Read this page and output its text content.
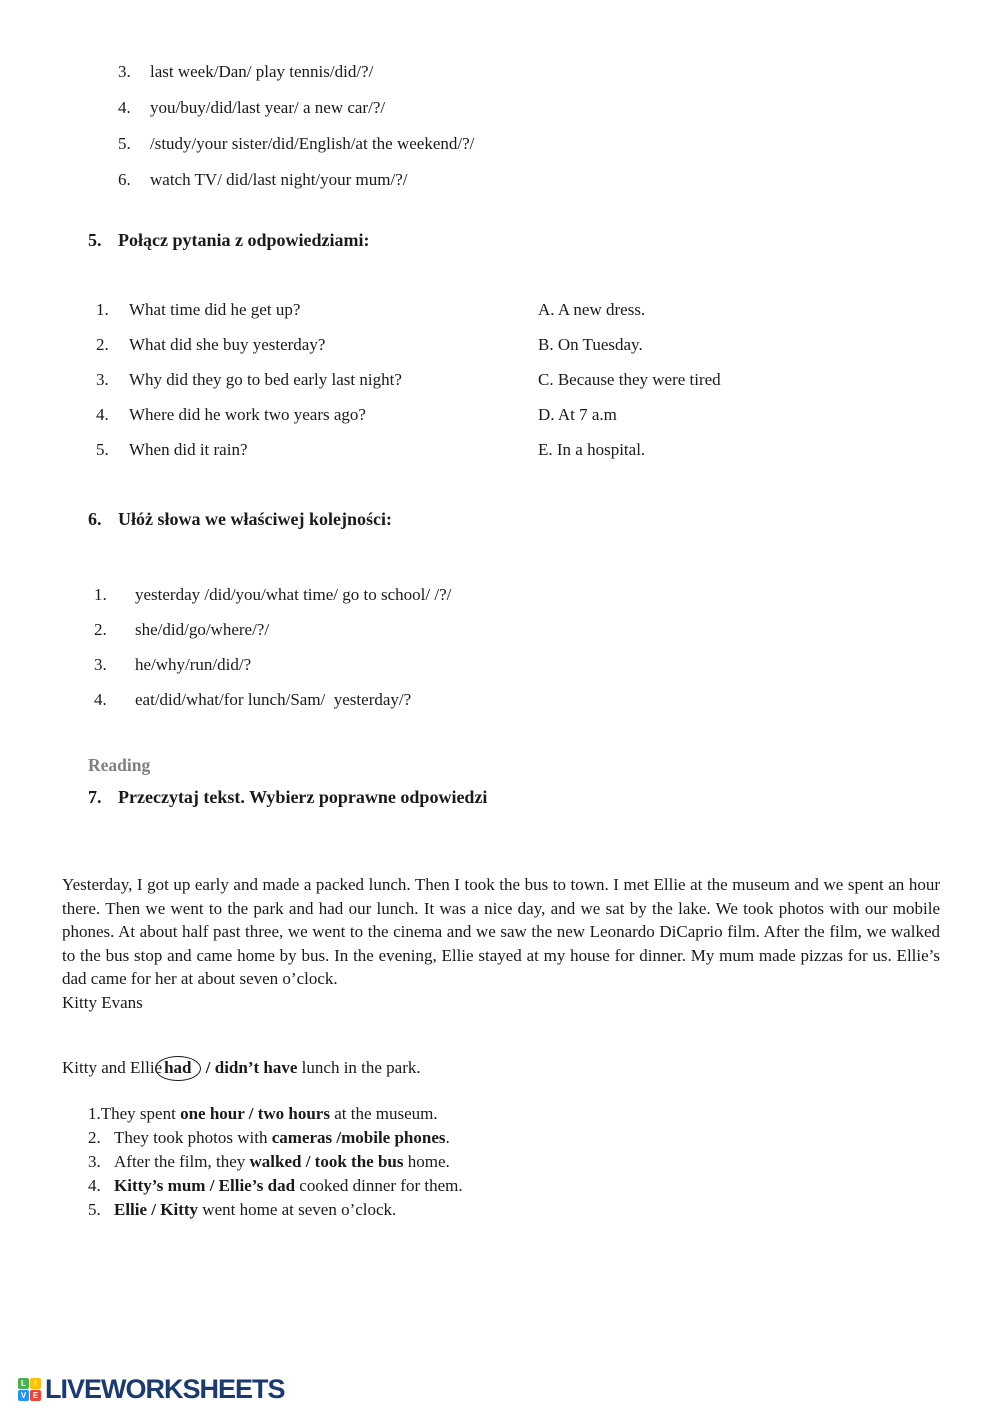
3.	last week/Dan/ play tennis/did/?/
4.	you/buy/did/last year/ a new car/?/
5.	/study/your sister/did/English/at the weekend/?/
6.	watch TV/ did/last night/your mum/?/
5. Połącz pytania z odpowiedziami:
1.	What time did he get up?	A. A new dress.
2.	What did she buy yesterday?	B. On Tuesday.
3.	Why did they go to bed early last night?	C. Because they were tired
4.	Where did he work two years ago?	D. At 7 a.m
5.	When did it rain?	E. In a hospital.
6. Ułóż słowa we właściwej kolejności:
1.	yesterday /did/you/what time/ go to school/ /?/
2.	she/did/go/where/?/
3.	he/why/run/did/?
4.	eat/did/what/for lunch/Sam/  yesterday/?
Reading
7. Przeczytaj tekst. Wybierz poprawne odpowiedzi
Yesterday, I got up early and made a packed lunch. Then I took the bus to town. I met Ellie at the museum and we spent an hour there. Then we went to the park and had our lunch. It was a nice day, and we sat by the lake. We took photos with our mobile phones. At about half past three, we went to the cinema and we saw the new Leonardo DiCaprio film. After the film, we walked to the bus stop and came home by bus. In the evening, Ellie stayed at my house for dinner. My mum made pizzas for us. Ellie’s dad came for her at about seven o’clock.
Kitty Evans
Kitty and Ellie had / didn’t have lunch in the park.
1. They spent one hour / two hours at the museum.
2. They took photos with cameras /mobile phones.
3. After the film, they walked / took the bus home.
4. Kitty’s mum / Ellie’s dad cooked dinner for them.
5. Ellie / Kitty went home at seven o’clock.
L	I
V E LIVEWORKSHEETS
